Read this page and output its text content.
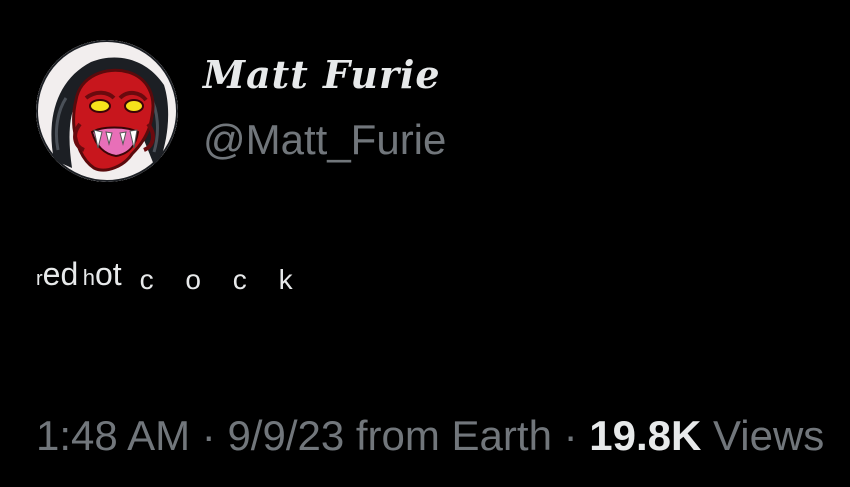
Matt Furie
@Matt_Furie
red hot c o c k
1:48 AM · 9/9/23 from Earth · 19.8K Views
